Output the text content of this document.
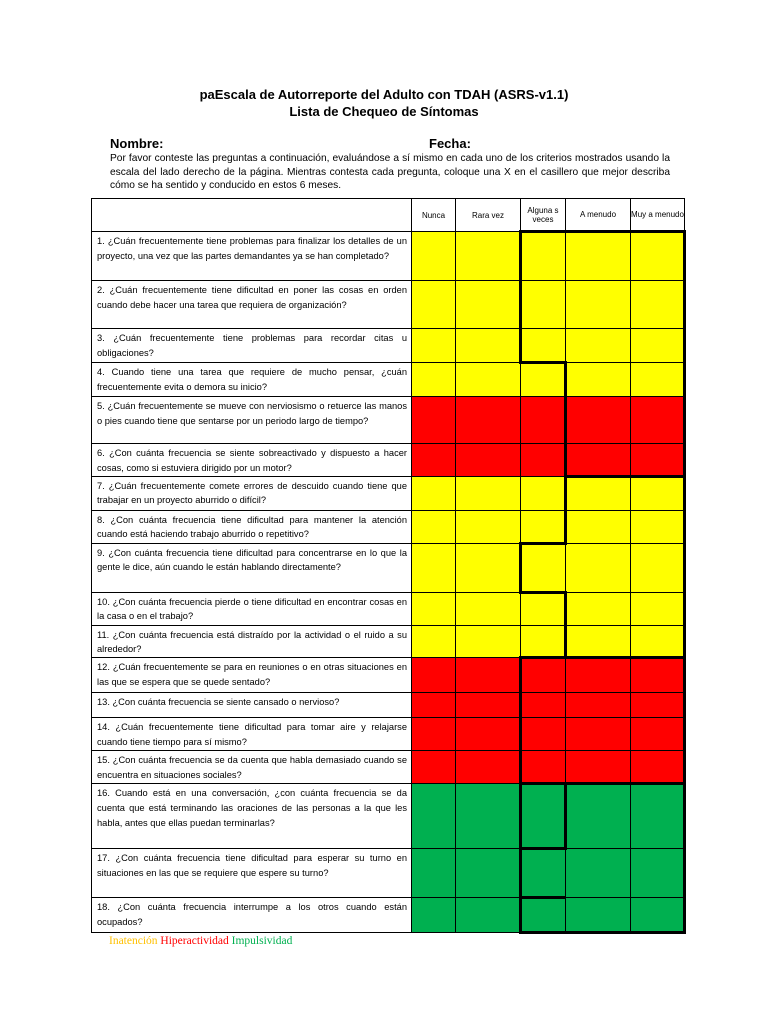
paEscala de Autorreporte del Adulto con TDAH (ASRS-v1.1)
Lista de Chequeo de Síntomas
Nombre:	Fecha:
Por favor conteste las preguntas a continuación, evaluándose a sí mismo en cada uno de los criterios mostrados usando la escala del lado derecho de la página. Mientras contesta cada pregunta, coloque una X en el casillero que mejor describa cómo se ha sentido y conducido en estos 6 meses.
	Nunca	Rara vez	Alguna s veces	A menudo	Muy a menudo
1. ¿Cuán frecuentemente tiene problemas para finalizar los detalles de un proyecto, una vez que las partes demandantes ya se han completado?					
2. ¿Cuán frecuentemente tiene dificultad en poner las cosas en orden cuando debe hacer una tarea que requiera de organización?					
3. ¿Cuán frecuentemente tiene problemas para recordar citas u obligaciones?					
4. Cuando tiene una tarea que requiere de mucho pensar, ¿cuán frecuentemente evita o demora su inicio?					
5. ¿Cuán frecuentemente se mueve con nerviosismo o retuerce las manos o pies cuando tiene que sentarse por un periodo largo de tiempo?					
6. ¿Con cuánta frecuencia se siente sobreactivado y dispuesto a hacer cosas, como si estuviera dirigido por un motor?					
7. ¿Cuán frecuentemente comete errores de descuido cuando tiene que trabajar en un proyecto aburrido o difícil?					
8. ¿Con cuánta frecuencia tiene dificultad para mantener la atención cuando está haciendo trabajo aburrido o repetitivo?					
9. ¿Con cuánta frecuencia tiene dificultad para concentrarse en lo que la gente le dice, aún cuando le están hablando directamente?					
10. ¿Con cuánta frecuencia pierde o tiene dificultad en encontrar cosas en la casa o en el trabajo?					
11. ¿Con cuánta frecuencia está distraído por la actividad o el ruido a su alrededor?					
12. ¿Cuán frecuentemente se para en reuniones o en otras situaciones en las que se espera que se quede sentado?					
13. ¿Con cuánta frecuencia se siente cansado o nervioso?					
14. ¿Cuán frecuentemente tiene dificultad para tomar aire y relajarse cuando tiene tiempo para sí mismo?					
15. ¿Con cuánta frecuencia se da cuenta que habla demasiado cuando se encuentra en situaciones sociales?					
16. Cuando está en una conversación, ¿con cuánta frecuencia se da cuenta que está terminando las oraciones de las personas a la que les habla, antes que ellas puedan terminarlas?					
17. ¿Con cuánta frecuencia tiene dificultad para esperar su turno en situaciones en las que se requiere que espere su turno?					
18. ¿Con cuánta frecuencia interrumpe a los otros cuando están ocupados?					
Inatención Hiperactividad Impulsividad
